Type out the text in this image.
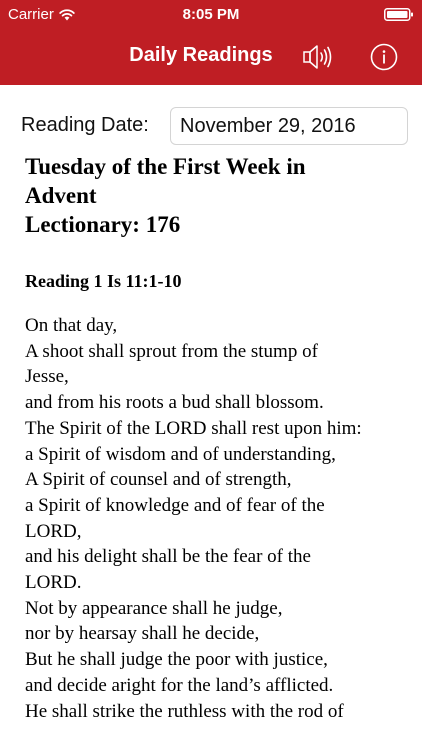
Carrier	8:05 PM
Daily Readings
Reading Date:
November 29, 2016
Tuesday of the First Week in
Advent
Lectionary: 176
Reading 1 Is 11:1-10
On that day,
A shoot shall sprout from the stump of
Jesse,
and from his roots a bud shall blossom.
The Spirit of the LORD shall rest upon him:
a Spirit of wisdom and of understanding,
A Spirit of counsel and of strength,
a Spirit of knowledge and of fear of the
LORD,
and his delight shall be the fear of the
LORD.
Not by appearance shall he judge,
nor by hearsay shall he decide,
But he shall judge the poor with justice,
and decide aright for the land’s afflicted.
He shall strike the ruthless with the rod of
